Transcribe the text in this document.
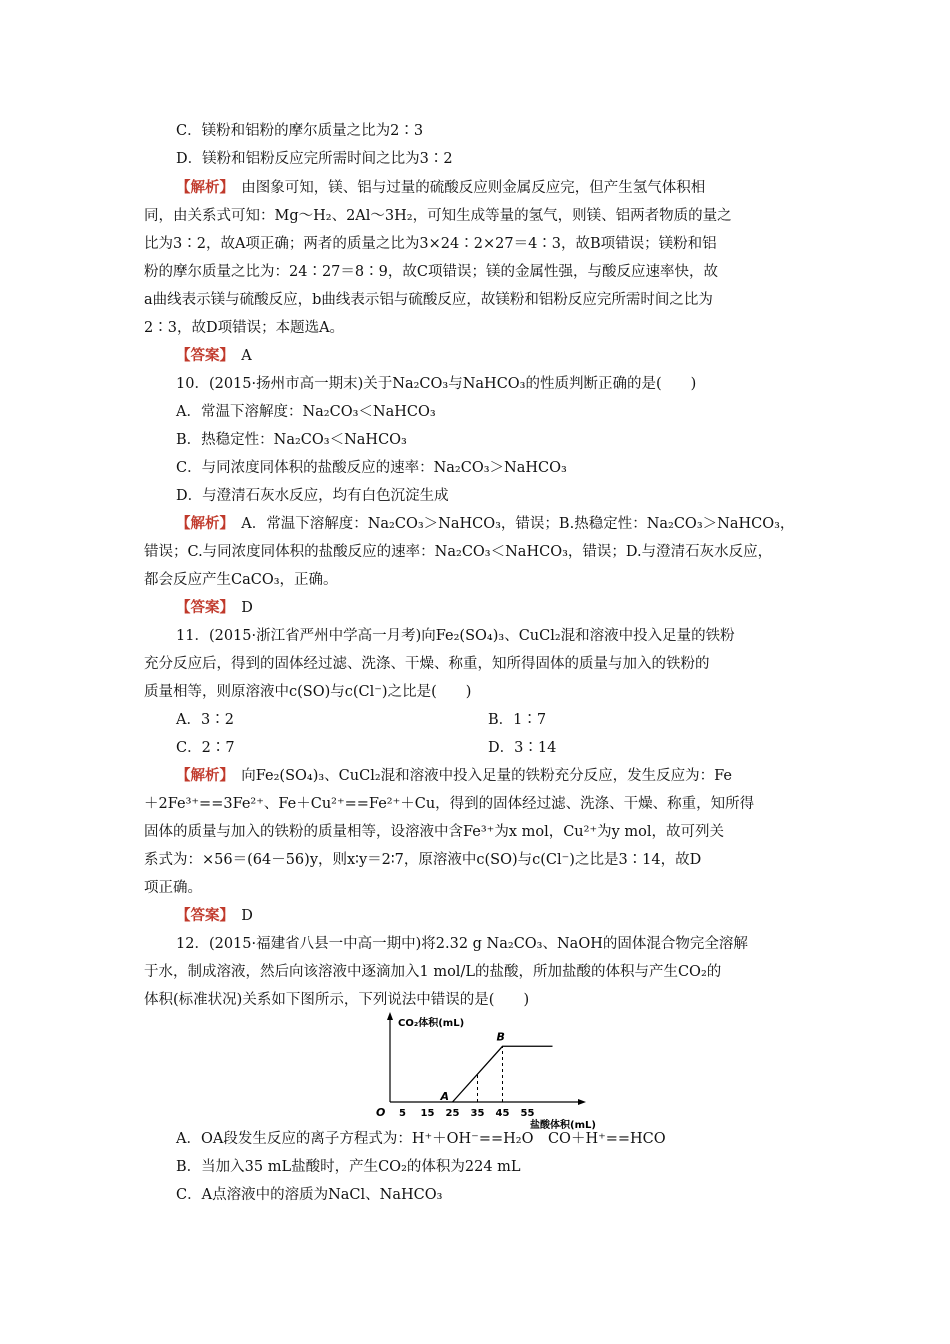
C．镁粉和铝粉的摩尔质量之比为2∶3
D．镁粉和铝粉反应完所需时间之比为3∶2
【解析】　 由图象可知，镁、铝与过量的硫酸反应则金属反应完，但产生氢气体积相
同，由关系式可知：Mg～H₂、2Al～3H₂，可知生成等量的氢气，则镁、铝两者物质的量之
比为3∶2，故A项正确；两者的质量之比为3×24∶2×27＝4∶3，故B项错误；镁粉和铝
粉的摩尔质量之比为：24∶27＝8∶9，故C项错误；镁的金属性强，与酸反应速率快，故
a曲线表示镁与硫酸反应，b曲线表示铝与硫酸反应，故镁粉和铝粉反应完所需时间之比为
2∶3，故D项错误；本题选A。
【答案】　 A
10．(2015·扬州市高一期末)关于Na₂CO₃与NaHCO₃的性质判断正确的是(　　)
A．常温下溶解度：Na₂CO₃＜NaHCO₃
B．热稳定性：Na₂CO₃＜NaHCO₃
C．与同浓度同体积的盐酸反应的速率：Na₂CO₃＞NaHCO₃
D．与澄清石灰水反应，均有白色沉淀生成
【解析】　 A．常温下溶解度：Na₂CO₃＞NaHCO₃，错误；B.热稳定性：Na₂CO₃＞NaHCO₃，
错误；C.与同浓度同体积的盐酸反应的速率：Na₂CO₃＜NaHCO₃，错误；D.与澄清石灰水反应，
都会反应产生CaCO₃，正确。
【答案】　 D
11．(2015·浙江省严州中学高一月考)向Fe₂(SO₄)₃、CuCl₂混和溶液中投入足量的铁粉
充分反应后，得到的固体经过滤、洗涤、干燥、称重，知所得固体的质量与加入的铁粉的
质量相等，则原溶液中c(SO)与c(Cl⁻)之比是(　　)
A．3∶2	B．1∶7
C．2∶7	D．3∶14
【解析】　 向Fe₂(SO₄)₃、CuCl₂混和溶液中投入足量的铁粉充分反应，发生反应为：Fe
＋2Fe³⁺==3Fe²⁺、Fe＋Cu²⁺==Fe²⁺＋Cu，得到的固体经过滤、洗涤、干燥、称重，知所得
固体的质量与加入的铁粉的质量相等，设溶液中含Fe³⁺为x mol，Cu²⁺为y mol，故可列关
系式为：×56＝(64－56)y，则x∶y＝2∶7，原溶液中c(SO)与c(Cl⁻)之比是3∶14，故D
项正确。
【答案】　 D
12．(2015·福建省八县一中高一期中)将2.32 g Na₂CO₃、NaOH的固体混合物完全溶解
于水，制成溶液，然后向该溶液中逐滴加入1 mol/L的盐酸，所加盐酸的体积与产生CO₂的
体积(标准状况)关系如下图所示，下列说法中错误的是(　　)
CO₂体积(mL)
盐酸体积(mL)
O 5 15 25 35 45 55
A
B
A．OA段发生反应的离子方程式为：H⁺＋OH⁻==H₂O　CO＋H⁺==HCO
B．当加入35 mL盐酸时，产生CO₂的体积为224 mL
C．A点溶液中的溶质为NaCl、NaHCO₃
